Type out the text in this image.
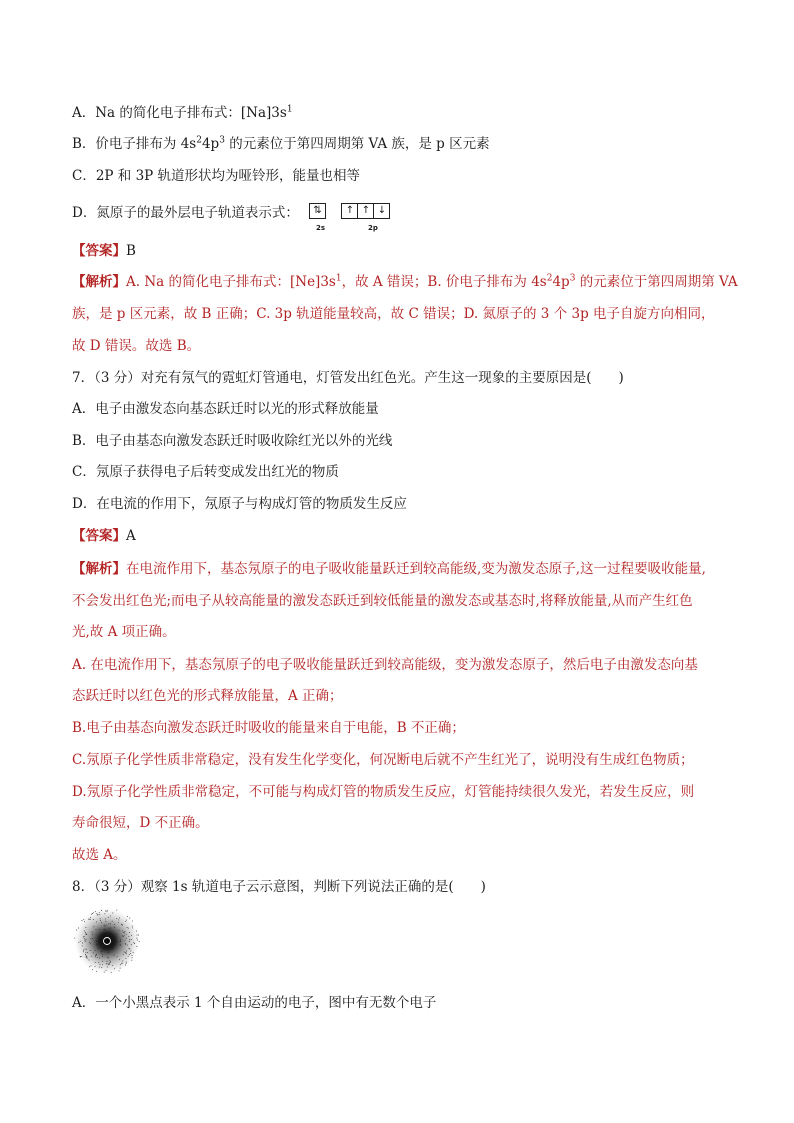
A．Na 的简化电子排布式：$[Na]3s^1$
B．价电子排布为 $4s^24p^3$ 的元素位于第四周期第 VA 族，是 p 区元素
C．2P 和 3P 轨道形状均为哑铃形，能量也相等
D．氮原子的最外层电子轨道表示式： ⇅ ↑ ↑ ↓
2s	2p
【答案】B
【解析】A. Na 的简化电子排布式：$[Ne]3s^1$，故 A 错误；B. 价电子排布为 $4s^24p^3$ 的元素位于第四周期第 VA
族，是 p 区元素，故 B 正确；C. 3p 轨道能量较高，故 C 错误；D. 氮原子的 3 个 3p 电子自旋方向相同，
故 D 错误。故选 B。
7．（3 分）对充有氖气的霓虹灯管通电，灯管发出红色光。产生这一现象的主要原因是(　　)
A．电子由激发态向基态跃迁时以光的形式释放能量
B．电子由基态向激发态跃迁时吸收除红光以外的光线
C．氖原子获得电子后转变成发出红光的物质
D．在电流的作用下，氖原子与构成灯管的物质发生反应
【答案】A
【解析】在电流作用下，基态氖原子的电子吸收能量跃迁到较高能级,变为激发态原子,这一过程要吸收能量,
不会发出红色光;而电子从较高能量的激发态跃迁到较低能量的激发态或基态时,将释放能量,从而产生红色
光,故 A 项正确。
A. 在电流作用下，基态氖原子的电子吸收能量跃迁到较高能级，变为激发态原子，然后电子由激发态向基
态跃迁时以红色光的形式释放能量，A 正确；
B.电子由基态向激发态跃迁时吸收的能量来自于电能，B 不正确；
C.氖原子化学性质非常稳定，没有发生化学变化，何况断电后就不产生红光了，说明没有生成红色物质；
D.氖原子化学性质非常稳定，不可能与构成灯管的物质发生反应，灯管能持续很久发光，若发生反应，则
寿命很短，D 不正确。
故选 A。
8．（3 分）观察 1s 轨道电子云示意图，判断下列说法正确的是(　　)
A．一个小黑点表示 1 个自由运动的电子，图中有无数个电子
